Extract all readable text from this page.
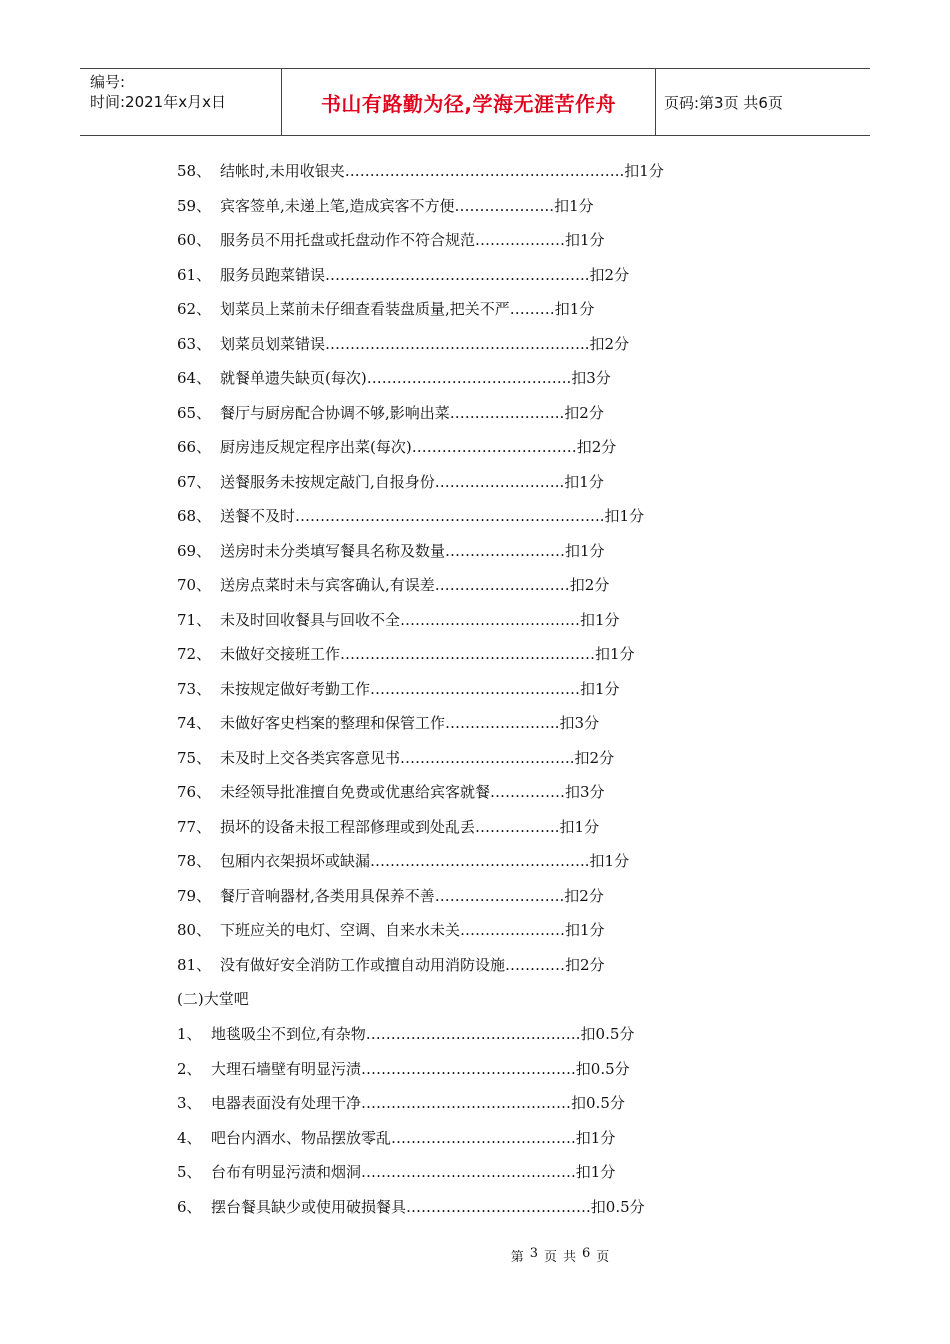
编号:
时间:2021年x月x日	书山有路勤为径,学海无涯苦作舟	页码:第3页 共6页
58、 结帐时,未用收银夹………………………………………………..扣1分
59、 宾客签单,未递上笔,造成宾客不方便………………..扣1分
60、 服务员不用托盘或托盘动作不符合规范………………扣1分
61、 服务员跑菜错误……………………………………………..扣2分
62、 划菜员上菜前未仔细查看装盘质量,把关不严………扣1分
63、 划菜员划菜错误……………………………………………..扣2分
64、 就餐单遗失缺页(每次)…………………………………..扣3分
65、 餐厅与厨房配合协调不够,影响出菜…………………..扣2分
66、 厨房违反规定程序出菜(每次)……………………………扣2分
67、 送餐服务未按规定敲门,自报身份……………………..扣1分
68、 送餐不及时……………………………………………………..扣1分
69、 送房时未分类填写餐具名称及数量……………………扣1分
70、 送房点菜时未与宾客确认,有误差………………………扣2分
71、 未及时回收餐具与回收不全………………………………扣1分
72、 未做好交接班工作……………………………………………扣1分
73、 未按规定做好考勤工作……………………………………扣1分
74、 未做好客史档案的整理和保管工作…………………..扣3分
75、 未及时上交各类宾客意见书……………………………..扣2分
76、 未经领导批准擅自免费或优惠给宾客就餐……………扣3分
77、 损坏的设备未报工程部修理或到处乱丢……………..扣1分
78、 包厢内衣架损坏或缺漏……………………………………..扣1分
79、 餐厅音响器材,各类用具保养不善……………………..扣2分
80、 下班应关的电灯、空调、自来水未关…………………扣1分
81、 没有做好安全消防工作或擅自动用消防设施…………扣2分
(二)大堂吧
1、 地毯吸尘不到位,有杂物…………………………………….扣0.5分
2、 大理石墙壁有明显污渍…………………………………….扣0.5分
3、 电器表面没有处理干净……………………………………扣0.5分
4、 吧台内酒水、物品摆放零乱……………………………….扣1分
5、 台布有明显污渍和烟洞…………………………………….扣1分
6、 摆台餐具缺少或使用破损餐具……………………………….扣0.5分
第 3 页 共 6 页
